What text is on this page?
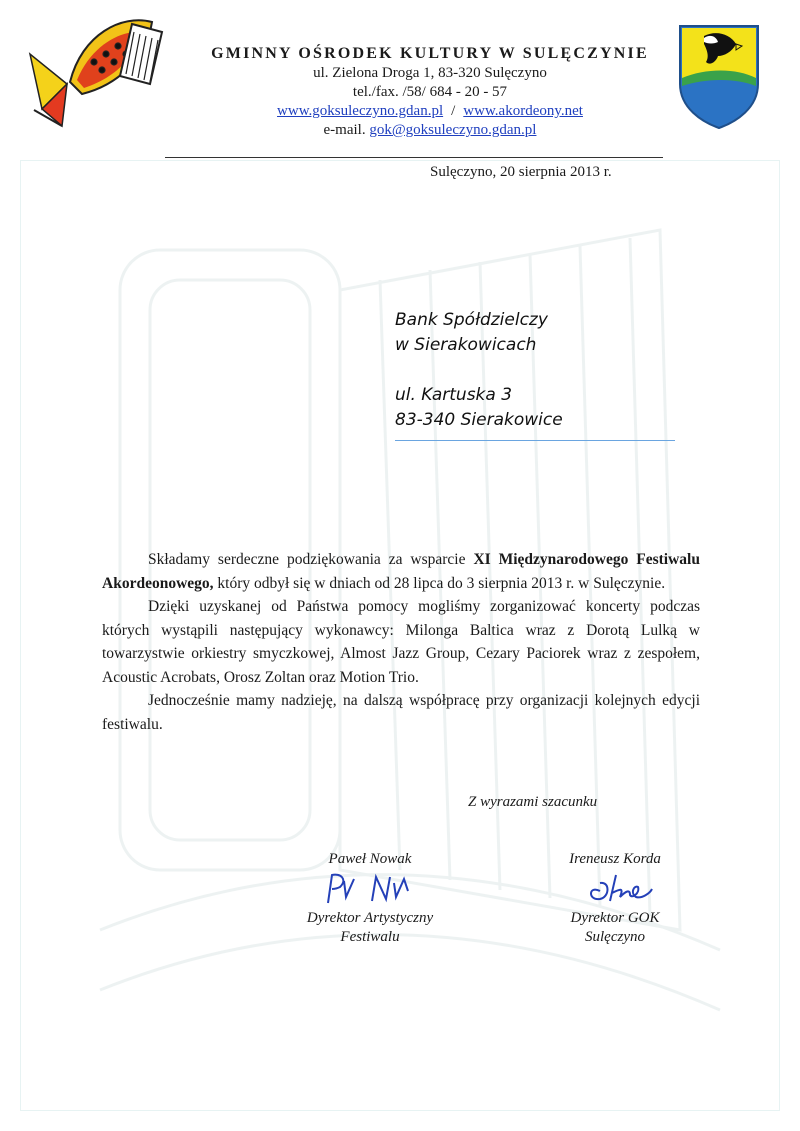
GMINNY OŚRODEK KULTURY W SULĘCZYNIE
ul. Zielona Droga 1, 83-320 Sulęczyno
tel./fax. /58/ 684 - 20 - 57
www.goksuleczyno.gdan.pl / www.akordeony.net
e-mail. gok@goksuleczyno.gdan.pl
Sulęczyno, 20 sierpnia 2013 r.
Bank Spółdzielczy
w Sierakowicach
ul. Kartuska 3
83-340 Sierakowice

Składamy serdeczne podziękowania za wsparcie XI Międzynarodowego Festiwalu Akordeonowego, który odbył się w dniach od 28 lipca do 3 sierpnia 2013 r. w Sulęczynie.

Dzięki uzyskanej od Państwa pomocy mogliśmy zorganizować koncerty podczas których wystąpili następujący wykonawcy: Milonga Baltica wraz z Dorotą Lulką w towarzystwie orkiestry smyczkowej, Almost Jazz Group, Cezary Paciorek wraz z zespołem, Acoustic Acrobats, Orosz Zoltan oraz Motion Trio.

Jednocześnie mamy nadzieję, na dalszą współpracę przy organizacji kolejnych edycji festiwalu.

Z wyrazami szacunku
Paweł Nowak
Dyrektor Artystyczny
Festiwalu
Ireneusz Korda
Dyrektor GOK
Sulęczyno
